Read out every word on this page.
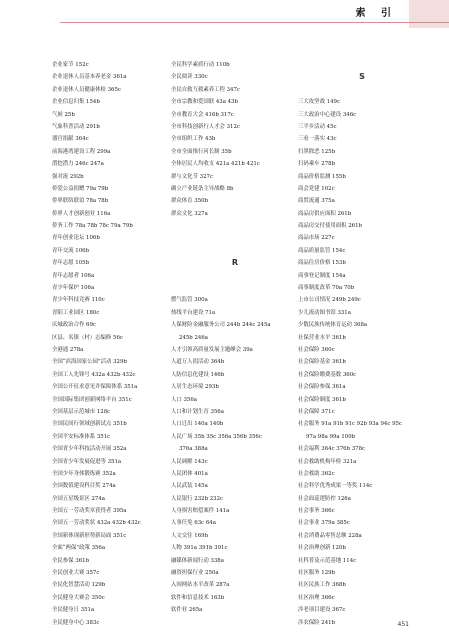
索 引
企业家节 152c
企业退休人员基本养老金 361a
企业退休人员健康体检 365c
企业信息归集 154b
气候 25b
气象科普活动 291b
器官捐献 364c
前海港湾建设工程 299a
潜挖潜力 246c 247a
强对流 292b
侨爱公益捐赠 79a 79b
侨界联络联谊 78a 78b
侨界人才创新创业 116a
侨务工作 78a 78b 78c 79a 79b
青年创业论坛 106b
青年交流 106b
青年志愿 105b
青年志愿者 106a
青少年保护 106a
青少年科技竞赛 110c
青阳工业园区 180c
庆城政治合作 69c
区县、名镇（村）志编修 56c
全港通 278a
全国“滨海国家公园”活动 329b
全国工人先锋号 432a 432b 432c
全国公开征求意见并保障体系 351a
全国国际集团创新网络平台 351c
全国基层示范城市 128c
全国民间行领域创新试点 351b
全国平安标准体系 351c
全国青少年科技活动开展 352a
全国青少年发展促进等 351a
全国少年身体锻炼赛 352a
全国数值建设科目奖 274a
全国五星级景区 274a
全国五一劳动奖章获得者 395a
全国五一劳动奖状 432a 432b 432c
全国新体现新形势新局面 351c
全面“两保”政策 356a
全民参保 361b
全民创业大赛 357c
全民化智慧活动 129b
全民健身大赛会 350c
全民健身日 351a
全民健身中心 383c
全民科学素质行动 110b
全民阅读 330c
全民自救互救素养工程 347c
全市宗教和爱国联 43a 43b
全市教育大会 416b 317c
全市科技创新行人才会 312c
全市组织工作 43b
全市全面推行河长制 35b
全体居民人均收支 421a 421b 421c
群与文化节 327c
确立产业链条主导战略 8b
群众体育 350b
群众文化 327a
R
燃气监管 300a
热线平台建设 71a
人保财险金融服务公司 244b 244c 245a
245b 246a
人才引领高质量发展主题峰会 39a
人道万人捐活动 364b
人防信息化建设 146b
人居生态环境 293b
人口 356a
人口和计划生育 356a
人口迁出 140a 140b
人民广场 35b 35c 356a 356b 356c
376a 388a
人民调解 143c
人民团体 401a
人民武装 145a
人民银行 232b 232c
人身损害赔偿案件 141a
人事任免 63c 64a
人文交往 169b
人物 391a 391b 391c
融媒体新闻行动 338a
融资担保行业 250a
入闱网站水平改革 287a
软件和信息技术 163b
软件业 265a
S
三大攻坚战 149c
三大政治中心建设 346c
三平乡活动 45c
三看一落实 43c
扫黑除恶 125b
扫码乘车 278b
商品价格监测 155b
商会党建 102c
商贸流通 375a
商品房供应面积 261b
商品房交付使用面积 261b
商品市场 227c
商品质量监管 154c
商品住房价格 153b
商事登记制度 154a
商事制度改革 70a 70b
上市公司情况 249b 249c
少儿流动图书馆 331a
少数民族传统体育运动 368a
社保营业水平 361b
社会保险 360c
社会保险基金 361b
社会保险缴费基数 360c
社会保险参保 361a
社会保险制度 361b
社会保障 371c
社会服务 91a 91b 91c 92b 93a 94c 95c
97a 98a 99a 100b
社会福利 364c 376b 378c
社会救助机构年检 321a
社会救助 362c
社会科学优秀成果一等奖 114c
社会面巡逻防控 126a
社会事务 366c
社会事业 379a 385c
社会消费品零售总额 228a
社会治理创新 120b
社科普及示范基地 114c
社区服务 129b
社区民族工作 368b
社区治理 366c
涉老项目建设 367c
涉农保险 241b	451
